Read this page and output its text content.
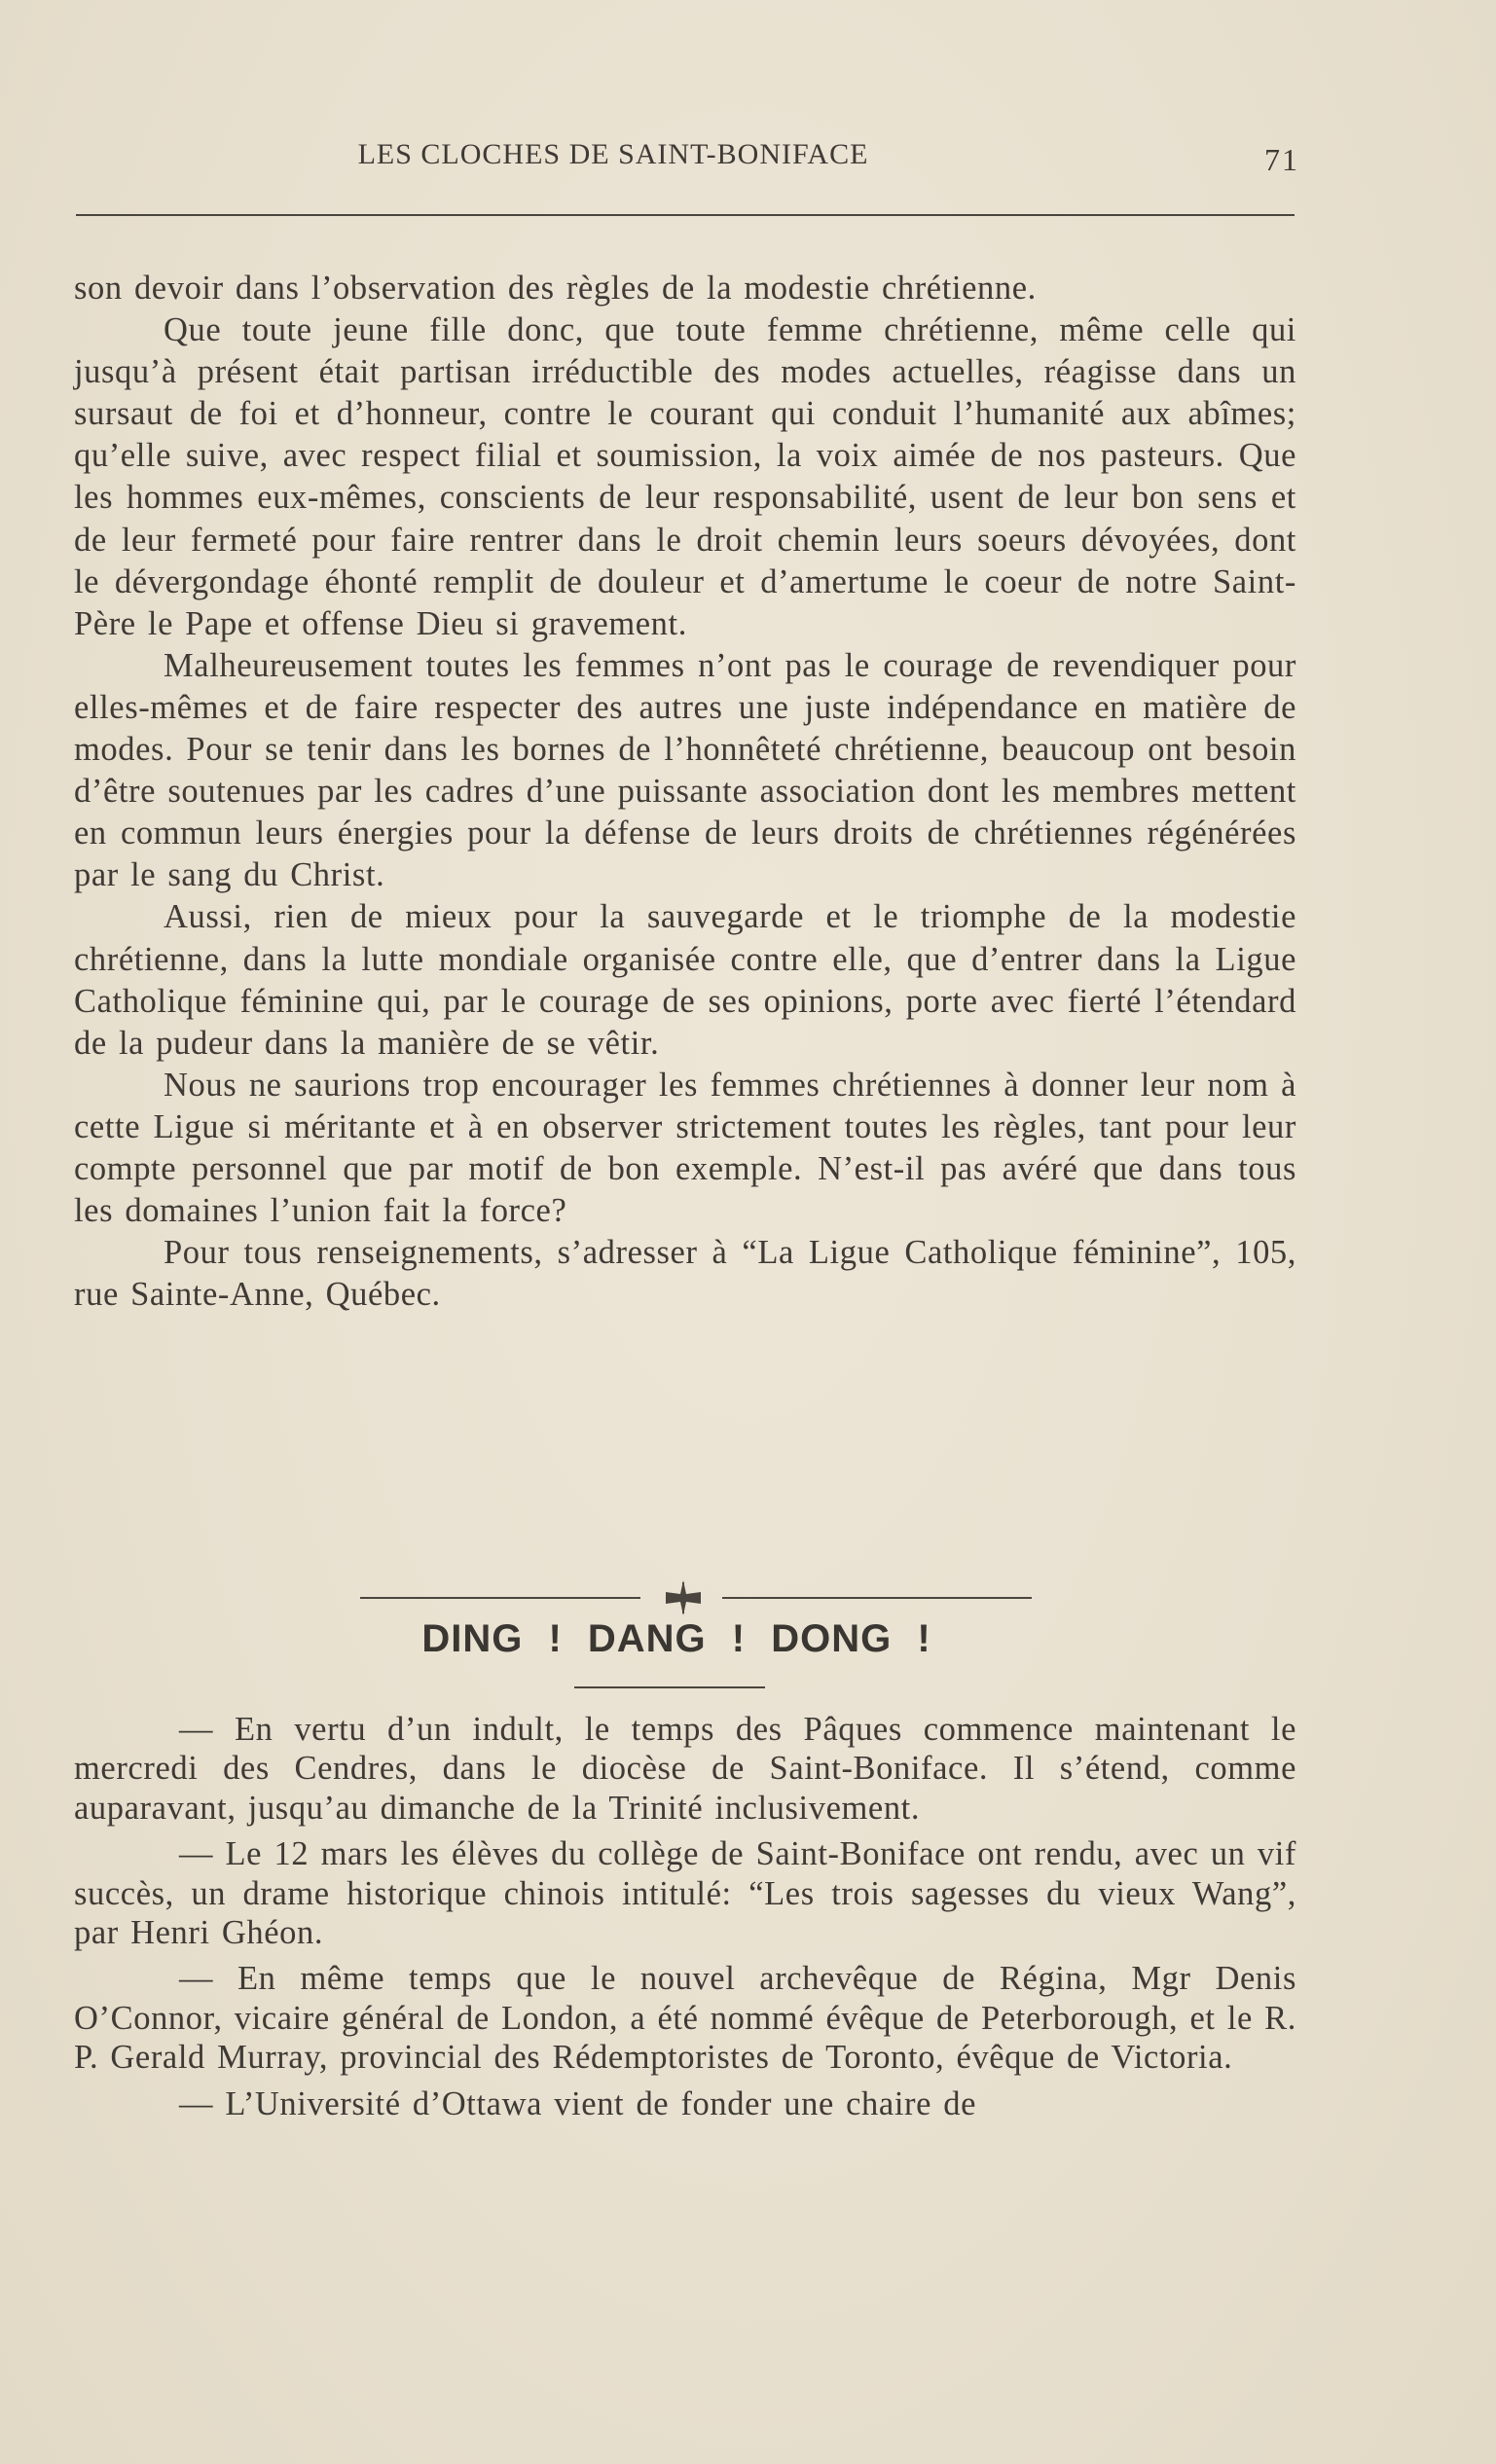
LES CLOCHES DE SAINT-BONIFACE	71

son devoir dans l’observation des règles de la modestie chrétienne.

Que toute jeune fille donc, que toute femme chrétienne, même celle qui jusqu’à présent était partisan irréductible des modes actuelles, réagisse dans un sursaut de foi et d’honneur, contre le courant qui conduit l’humanité aux abîmes; qu’elle suive, avec respect filial et soumission, la voix aimée de nos pasteurs. Que les hommes eux-mêmes, conscients de leur responsabilité, usent de leur bon sens et de leur fermeté pour faire rentrer dans le droit chemin leurs soeurs dévoyées, dont le dévergondage éhonté remplit de douleur et d’amertume le coeur de notre Saint-Père le Pape et offense Dieu si gravement.

Malheureusement toutes les femmes n’ont pas le courage de revendiquer pour elles-mêmes et de faire respecter des autres une juste indépendance en matière de modes. Pour se tenir dans les bornes de l’honnêteté chrétienne, beaucoup ont besoin d’être soutenues par les cadres d’une puissante association dont les membres mettent en commun leurs énergies pour la défense de leurs droits de chrétiennes régénérées par le sang du Christ.

Aussi, rien de mieux pour la sauvegarde et le triomphe de la modestie chrétienne, dans la lutte mondiale organisée contre elle, que d’entrer dans la Ligue Catholique féminine qui, par le courage de ses opinions, porte avec fierté l’étendard de la pudeur dans la manière de se vêtir.

Nous ne saurions trop encourager les femmes chrétiennes à donner leur nom à cette Ligue si méritante et à en observer strictement toutes les règles, tant pour leur compte personnel que par motif de bon exemple. N’est-il pas avéré que dans tous les domaines l’union fait la force?

Pour tous renseignements, s’adresser à “La Ligue Catholique féminine”, 105, rue Sainte-Anne, Québec.

DING ! DANG ! DONG !

— En vertu d’un indult, le temps des Pâques commence maintenant le mercredi des Cendres, dans le diocèse de Saint-Boniface. Il s’étend, comme auparavant, jusqu’au dimanche de la Trinité inclusivement.

— Le 12 mars les élèves du collège de Saint-Boniface ont rendu, avec un vif succès, un drame historique chinois intitulé: “Les trois sagesses du vieux Wang”, par Henri Ghéon.

— En même temps que le nouvel archevêque de Régina, Mgr Denis O’Connor, vicaire général de London, a été nommé évêque de Peterborough, et le R. P. Gerald Murray, provincial des Rédemptoristes de Toronto, évêque de Victoria.

— L’Université d’Ottawa vient de fonder une chaire de
